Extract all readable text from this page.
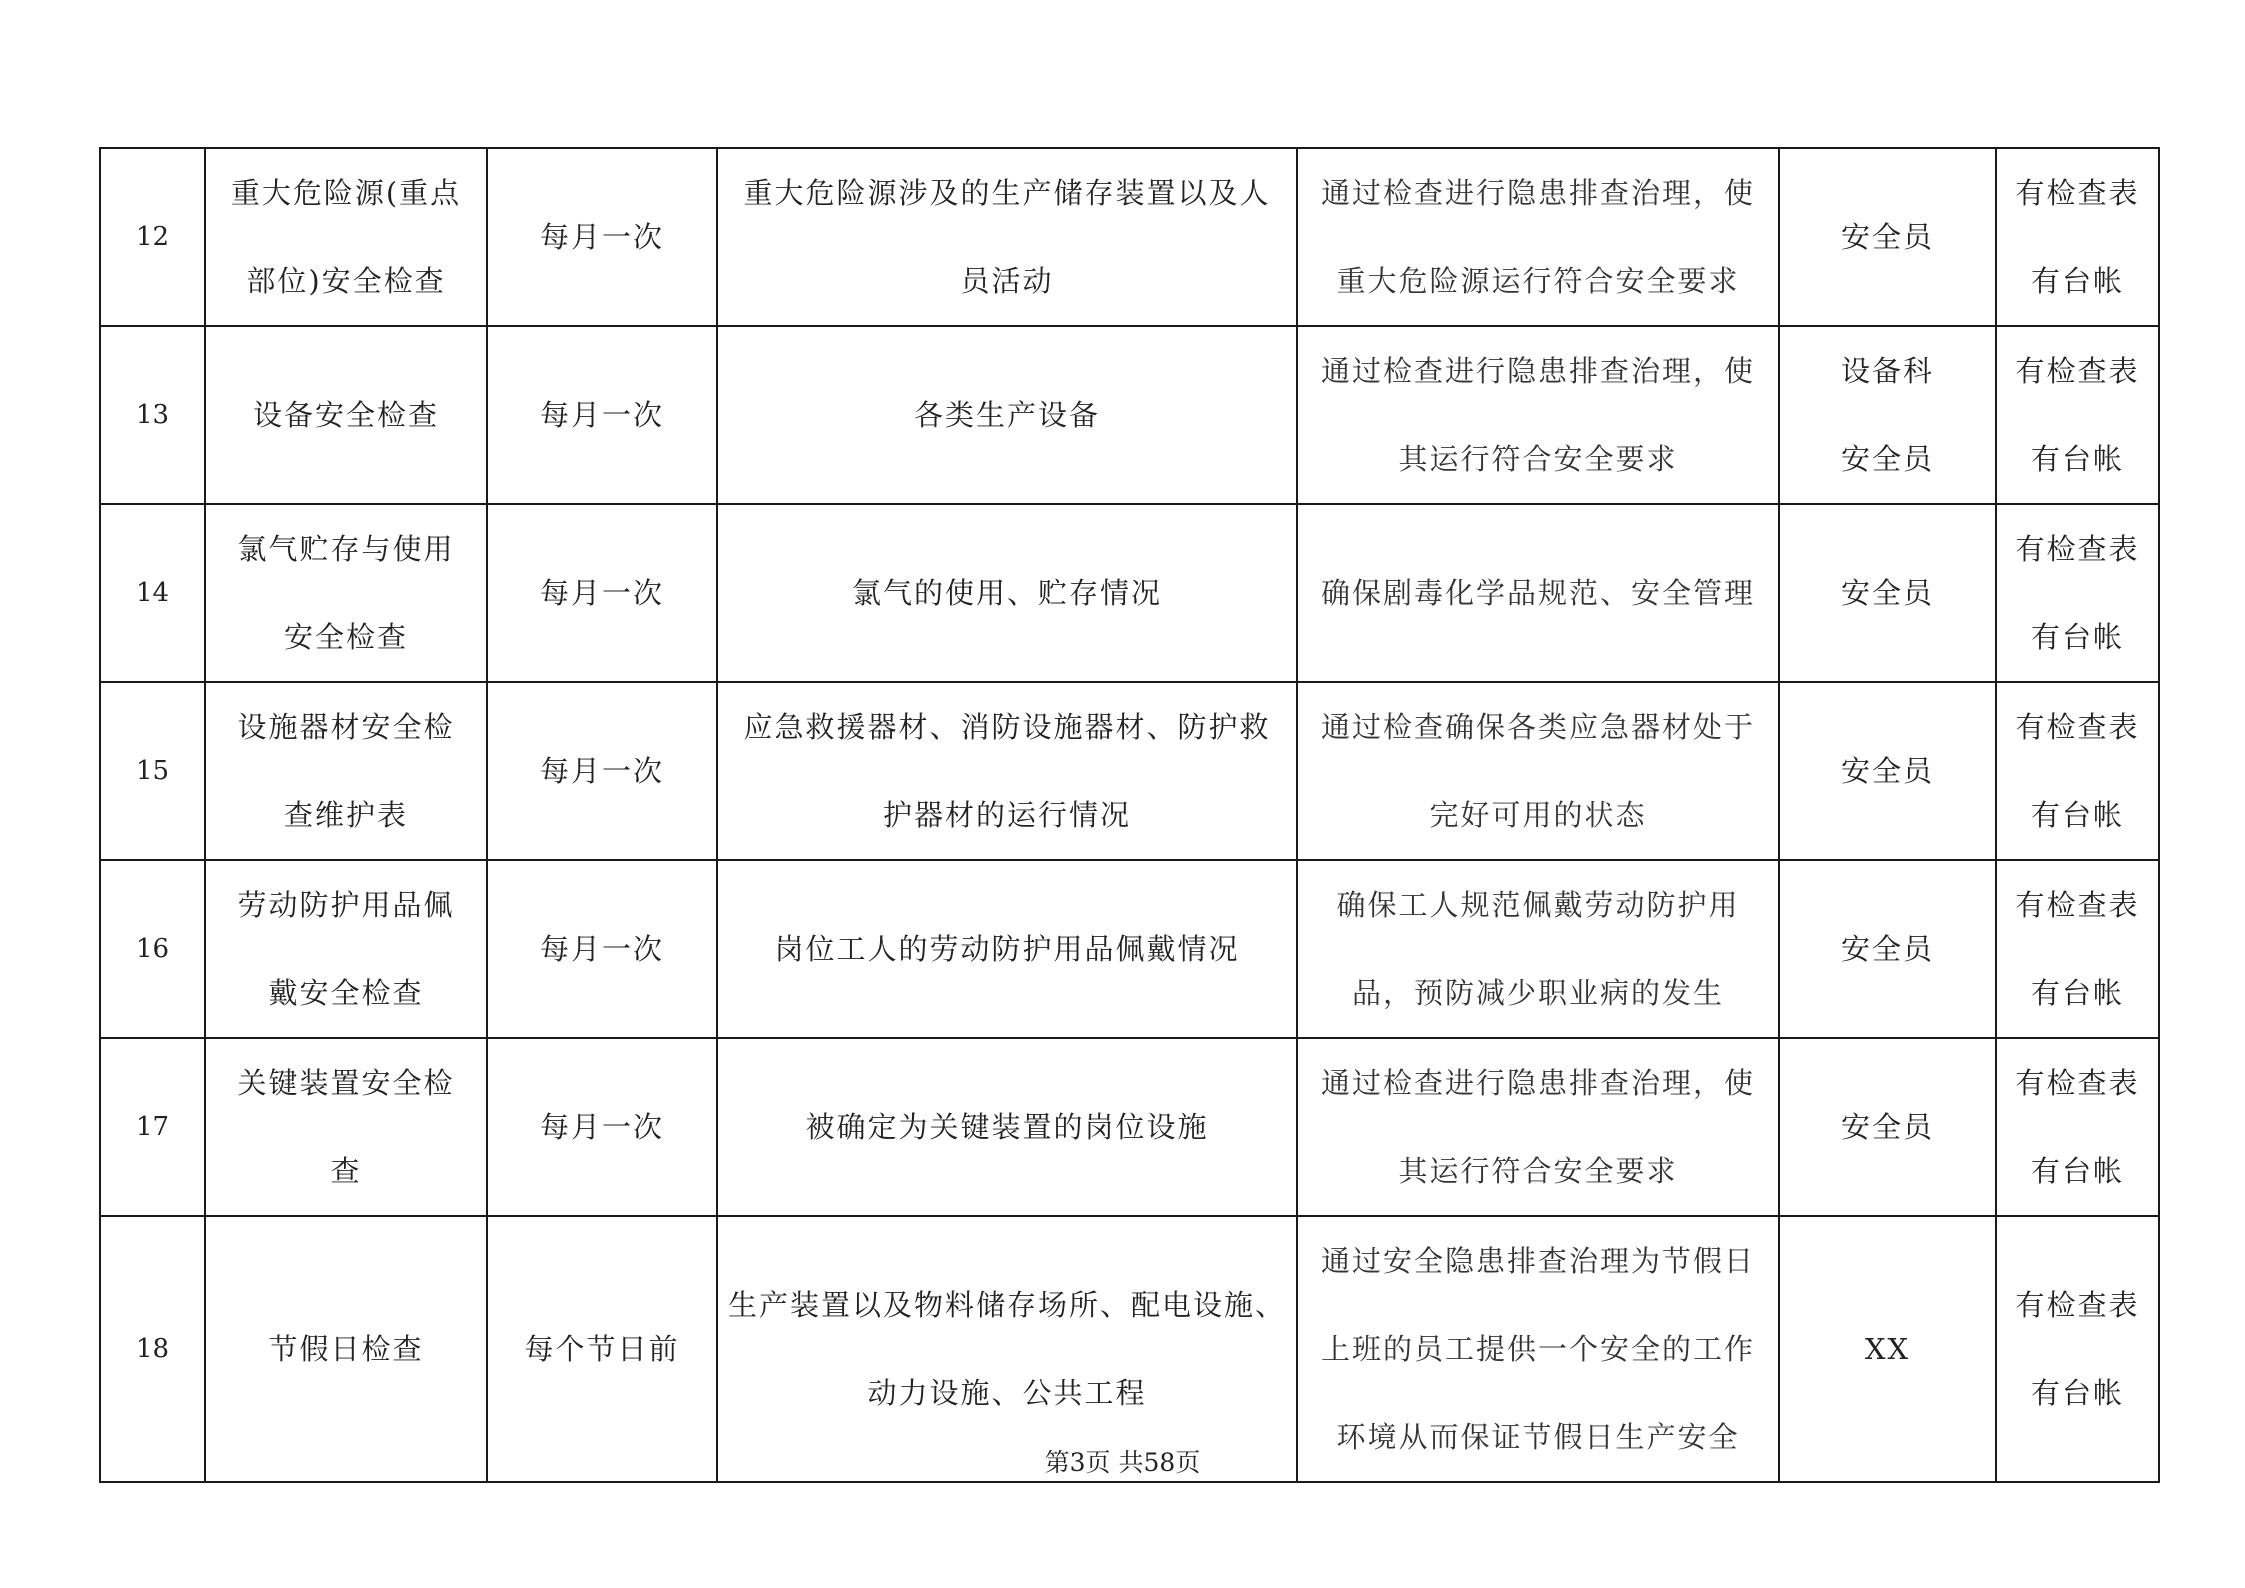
12	重大危险源(重点
部位)安全检查	每月一次	重大危险源涉及的生产储存装置以及人
员活动	通过检查进行隐患排查治理，使
重大危险源运行符合安全要求	安全员	有检查表
有台帐

13	设备安全检查	每月一次	各类生产设备	通过检查进行隐患排查治理，使
其运行符合安全要求	设备科
安全员	有检查表
有台帐

14	氯气贮存与使用
安全检查	每月一次	氯气的使用、贮存情况	确保剧毒化学品规范、安全管理	安全员	有检查表
有台帐

15	设施器材安全检
查维护表	每月一次	应急救援器材、消防设施器材、防护救
护器材的运行情况	通过检查确保各类应急器材处于
完好可用的状态	安全员	有检查表
有台帐

16	劳动防护用品佩
戴安全检查	每月一次	岗位工人的劳动防护用品佩戴情况	确保工人规范佩戴劳动防护用
品，预防减少职业病的发生	安全员	有检查表
有台帐

17	关键装置安全检
查	每月一次	被确定为关键装置的岗位设施	通过检查进行隐患排查治理，使
其运行符合安全要求	安全员	有检查表
有台帐

18	节假日检查	每个节日前	生产装置以及物料储存场所、配电设施、
动力设施、公共工程	通过安全隐患排查治理为节假日
上班的员工提供一个安全的工作
环境从而保证节假日生产安全	XX	有检查表
有台帐
第3页 共58页
